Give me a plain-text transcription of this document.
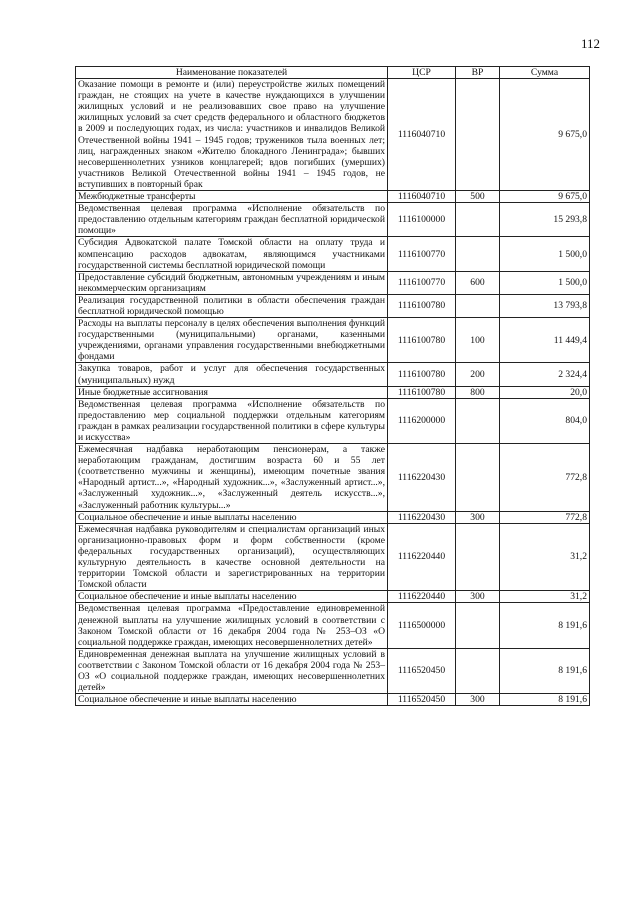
112
Наименование показателей	ЦСР	ВР	Сумма
Оказание помощи в ремонте и (или) переустройстве жилых помещений граждан, не стоящих на учете в качестве нуждающихся в улучшении жилищных условий и не реализовавших свое право на улучшение жилищных условий за счет средств федерального и областного бюджетов в 2009 и последующих годах, из числа: участников и инвалидов Великой Отечественной войны 1941 – 1945 годов; тружеников тыла военных лет; лиц, награжденных знаком «Жителю блокадного Ленинграда»; бывших несовершеннолетних узников концлагерей; вдов погибших (умерших) участников Великой Отечественной войны 1941 – 1945 годов, не вступивших в повторный брак	1116040710		9 675,0
Межбюджетные трансферты	1116040710	500	9 675,0
Ведомственная целевая программа «Исполнение обязательств по предоставлению отдельным категориям граждан бесплатной юридической помощи»	1116100000		15 293,8
Субсидия Адвокатской палате Томской области на оплату труда и компенсацию расходов адвокатам, являющимся участниками государственной системы бесплатной юридической помощи	1116100770		1 500,0
Предоставление субсидий бюджетным, автономным учреждениям и иным некоммерческим организациям	1116100770	600	1 500,0
Реализация государственной политики в области обеспечения граждан бесплатной юридической помощью	1116100780		13 793,8
Расходы на выплаты персоналу в целях обеспечения выполнения функций государственными (муниципальными) органами, казенными учреждениями, органами управления государственными внебюджетными фондами	1116100780	100	11 449,4
Закупка товаров, работ и услуг для обеспечения государственных (муниципальных) нужд	1116100780	200	2 324,4
Иные бюджетные ассигнования	1116100780	800	20,0
Ведомственная целевая программа «Исполнение обязательств по предоставлению мер социальной поддержки отдельным категориям граждан в рамках реализации государственной политики в сфере культуры и искусства»	1116200000		804,0
Ежемесячная надбавка неработающим пенсионерам, а также неработающим гражданам, достигшим возраста 60 и 55 лет (соответственно мужчины и женщины), имеющим почетные звания «Народный артист...», «Народный художник...», «Заслуженный артист...», «Заслуженный художник...», «Заслуженный деятель искусств...», «Заслуженный работник культуры...»	1116220430		772,8
Социальное обеспечение и иные выплаты населению	1116220430	300	772,8
Ежемесячная надбавка руководителям и специалистам организаций иных организационно-правовых форм и форм собственности (кроме федеральных государственных организаций), осуществляющих культурную деятельность в качестве основной деятельности на территории Томской области и зарегистрированных на территории Томской области	1116220440		31,2
Социальное обеспечение и иные выплаты населению	1116220440	300	31,2
Ведомственная целевая программа «Предоставление единовременной денежной выплаты на улучшение жилищных условий в соответствии с Законом Томской области от 16 декабря 2004 года № 253–ОЗ «О социальной поддержке граждан, имеющих несовершеннолетних детей»	1116500000		8 191,6
Единовременная денежная выплата на улучшение жилищных условий в соответствии с Законом Томской области от 16 декабря 2004 года № 253–ОЗ «О социальной поддержке граждан, имеющих несовершеннолетних детей»	1116520450		8 191,6
Социальное обеспечение и иные выплаты населению	1116520450	300	8 191,6
